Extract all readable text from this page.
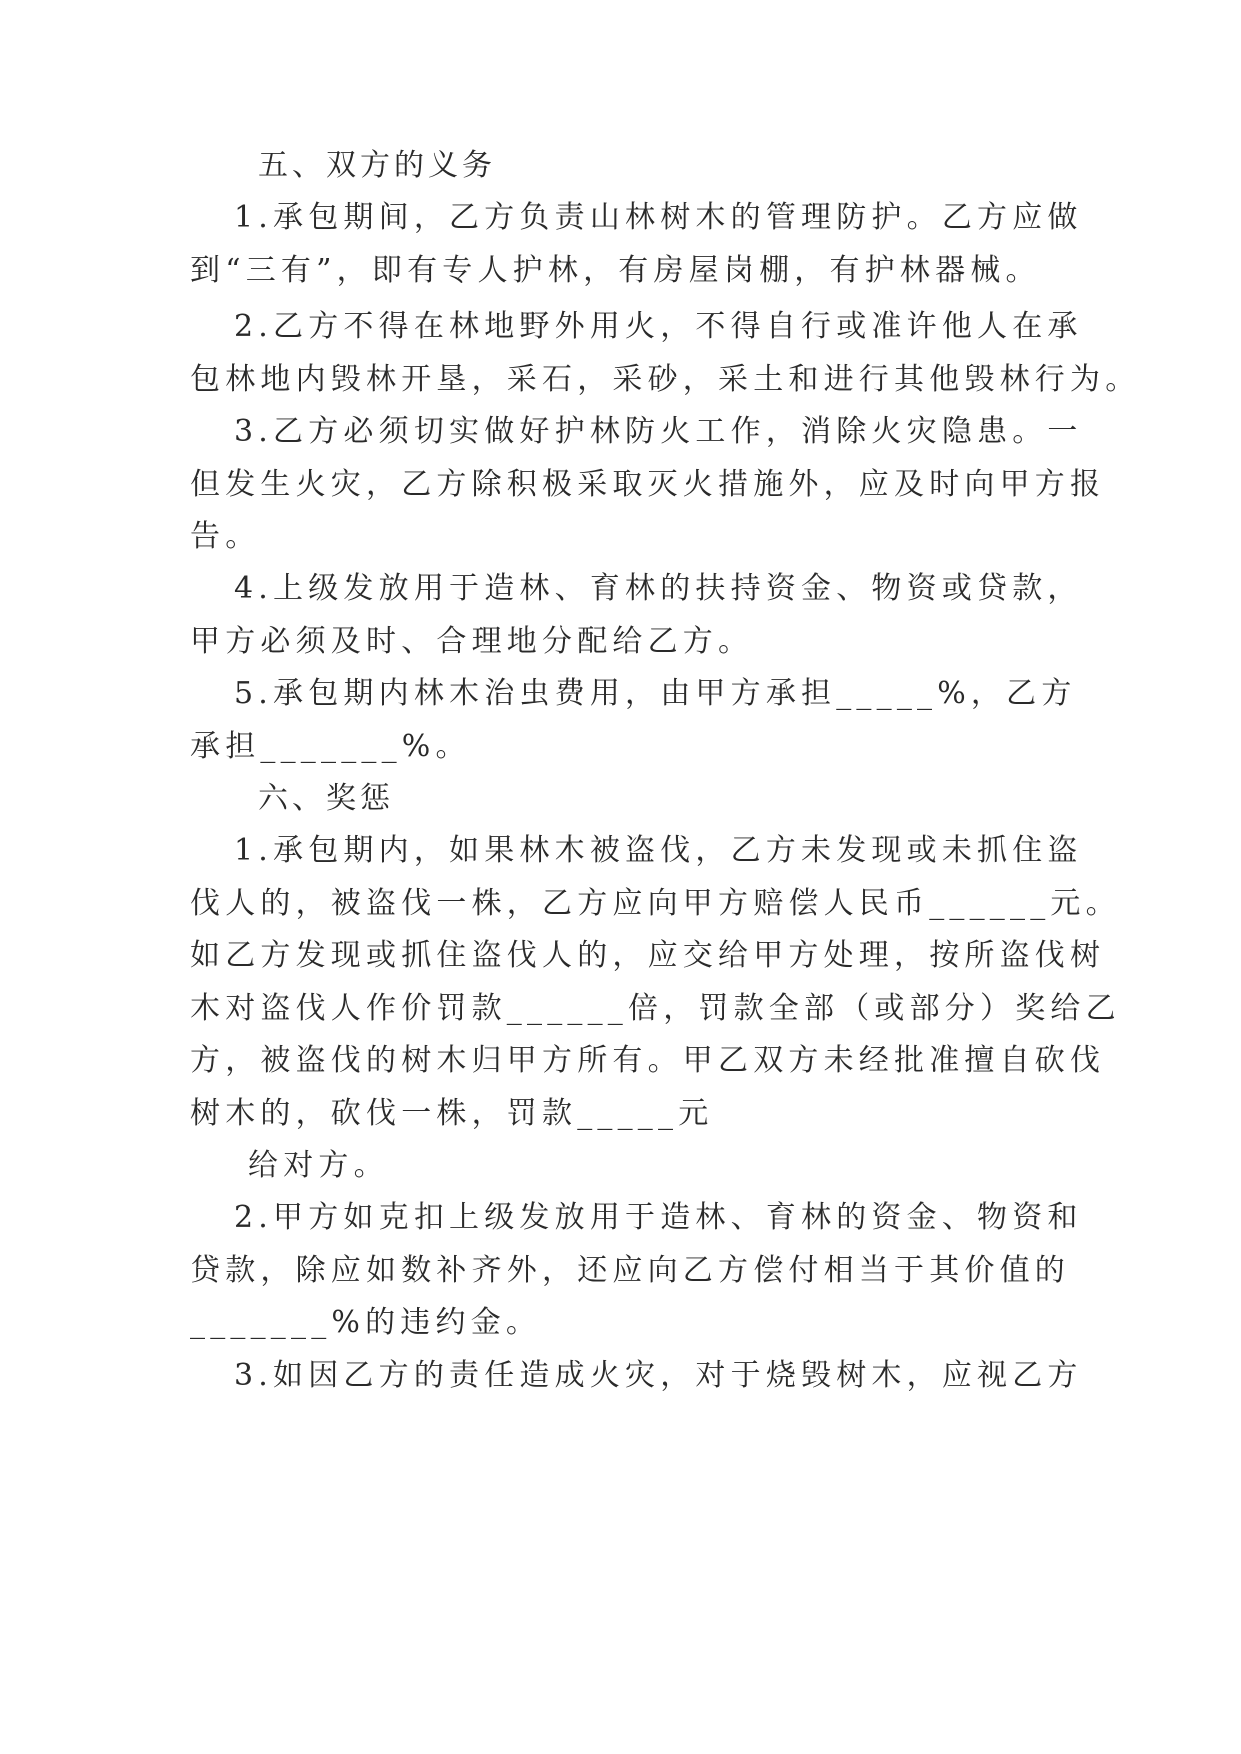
五、双方的义务
1.承包期间，乙方负责山林树木的管理防护。乙方应做
到“三有”，即有专人护林，有房屋岗棚，有护林器械。
2.乙方不得在林地野外用火，不得自行或准许他人在承
包林地内毁林开垦，采石，采砂，采土和进行其他毁林行为。
3.乙方必须切实做好护林防火工作，消除火灾隐患。一
但发生火灾，乙方除积极采取灭火措施外，应及时向甲方报
告。
4.上级发放用于造林、育林的扶持资金、物资或贷款，
甲方必须及时、合理地分配给乙方。
5.承包期内林木治虫费用，由甲方承担_____%，乙方
承担_______%。
六、奖惩
1.承包期内，如果林木被盗伐，乙方未发现或未抓住盗
伐人的，被盗伐一株，乙方应向甲方赔偿人民币______元。
如乙方发现或抓住盗伐人的，应交给甲方处理，按所盗伐树
木对盗伐人作价罚款______倍，罚款全部（或部分）奖给乙
方，被盗伐的树木归甲方所有。甲乙双方未经批准擅自砍伐
树木的，砍伐一株，罚款_____元
给对方。
2.甲方如克扣上级发放用于造林、育林的资金、物资和
贷款，除应如数补齐外，还应向乙方偿付相当于其价值的
_______%的违约金。
3.如因乙方的责任造成火灾，对于烧毁树木，应视乙方
